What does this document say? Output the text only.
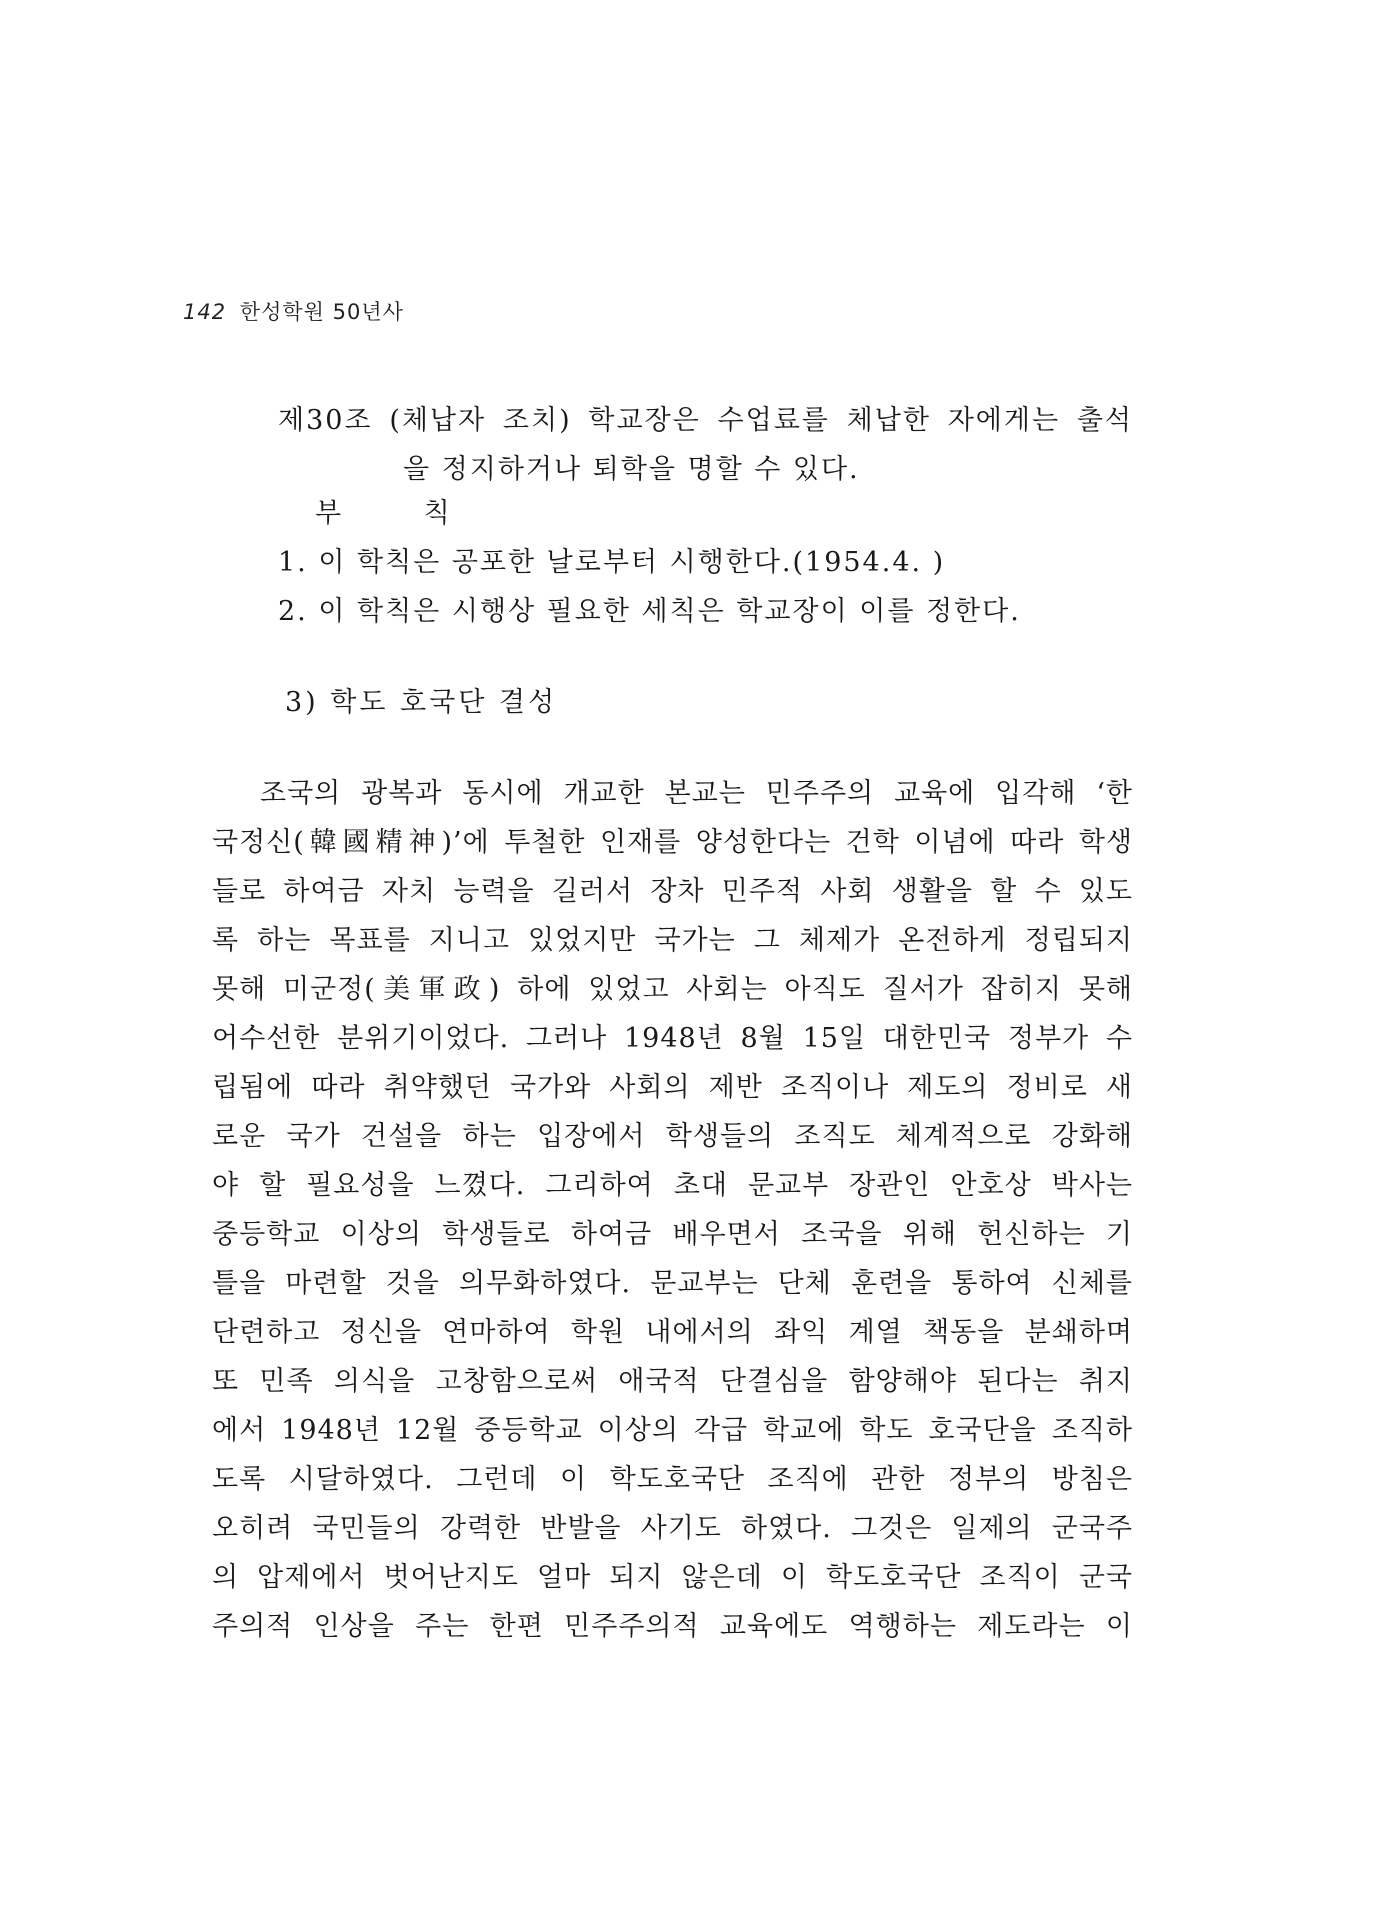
142 한성학원 50년사
제30조 (체납자 조치) 학교장은 수업료를 체납한 자에게는 출석
을 정지하거나 퇴학을 명할 수 있다.
부 칙
1. 이 학칙은 공포한 날로부터 시행한다.(1954.4. )
2. 이 학칙은 시행상 필요한 세칙은 학교장이 이를 정한다.
3) 학도 호국단 결성
조국의 광복과 동시에 개교한 본교는 민주주의 교육에 입각해 ‘한
국정신(韓國精神)’에 투철한 인재를 양성한다는 건학 이념에 따라 학생
들로 하여금 자치 능력을 길러서 장차 민주적 사회 생활을 할 수 있도
록 하는 목표를 지니고 있었지만 국가는 그 체제가 온전하게 정립되지
못해 미군정(美軍政) 하에 있었고 사회는 아직도 질서가 잡히지 못해
어수선한 분위기이었다. 그러나 1948년 8월 15일 대한민국 정부가 수
립됨에 따라 취약했던 국가와 사회의 제반 조직이나 제도의 정비로 새
로운 국가 건설을 하는 입장에서 학생들의 조직도 체계적으로 강화해
야 할 필요성을 느꼈다. 그리하여 초대 문교부 장관인 안호상 박사는
중등학교 이상의 학생들로 하여금 배우면서 조국을 위해 헌신하는 기
틀을 마련할 것을 의무화하였다. 문교부는 단체 훈련을 통하여 신체를
단련하고 정신을 연마하여 학원 내에서의 좌익 계열 책동을 분쇄하며
또 민족 의식을 고창함으로써 애국적 단결심을 함양해야 된다는 취지
에서 1948년 12월 중등학교 이상의 각급 학교에 학도 호국단을 조직하
도록 시달하였다. 그런데 이 학도호국단 조직에 관한 정부의 방침은
오히려 국민들의 강력한 반발을 사기도 하였다. 그것은 일제의 군국주
의 압제에서 벗어난지도 얼마 되지 않은데 이 학도호국단 조직이 군국
주의적 인상을 주는 한편 민주주의적 교육에도 역행하는 제도라는 이
